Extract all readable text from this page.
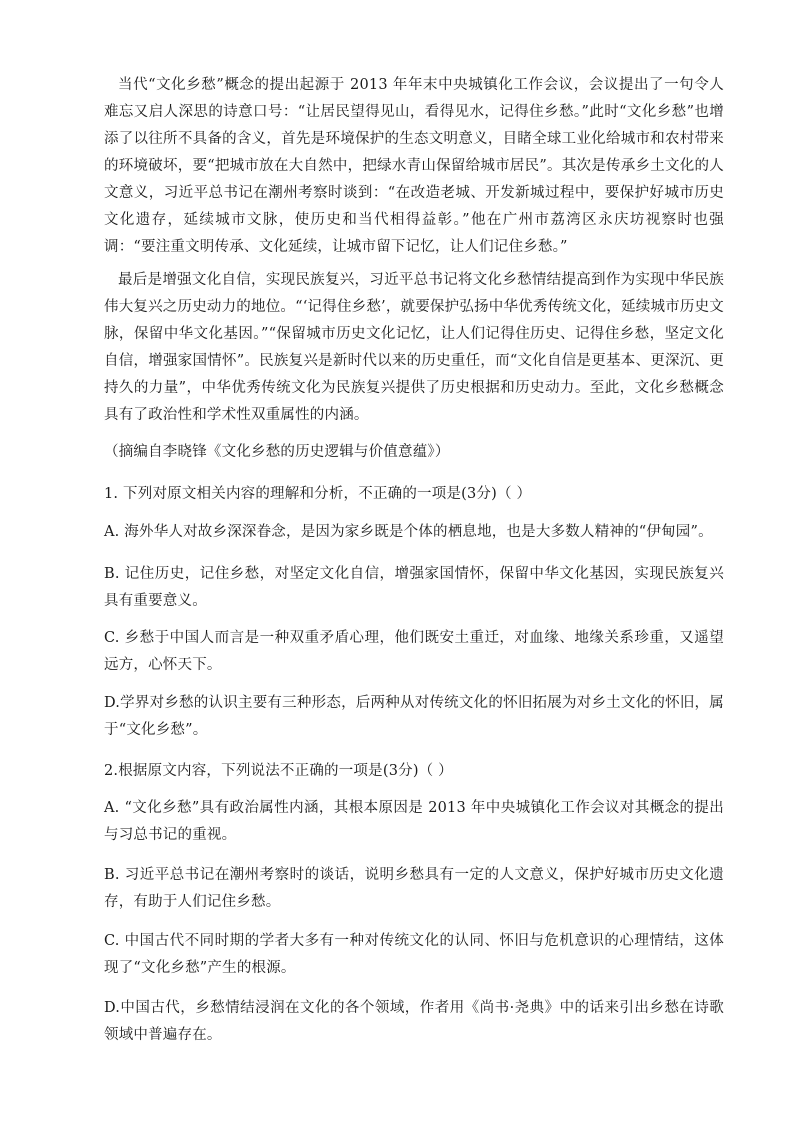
当代“文化乡愁”概念的提出起源于 2013 年年末中央城镇化工作会议，会议提出了一句令人难忘又启人深思的诗意口号：“让居民望得见山，看得见水，记得住乡愁。”此时“文化乡愁”也增添了以往所不具备的含义，首先是环境保护的生态文明意义，目睹全球工业化给城市和农村带来的环境破坏，要“把城市放在大自然中，把绿水青山保留给城市居民”。其次是传承乡土文化的人文意义，习近平总书记在潮州考察时谈到：“在改造老城、开发新城过程中，要保护好城市历史文化遗存，延续城市文脉，使历史和当代相得益彰。”他在广州市荔湾区永庆坊视察时也强调：“要注重文明传承、文化延续，让城市留下记忆，让人们记住乡愁。”

最后是增强文化自信，实现民族复兴，习近平总书记将文化乡愁情结提高到作为实现中华民族伟大复兴之历史动力的地位。“‘记得住乡愁’，就要保护弘扬中华优秀传统文化，延续城市历史文脉，保留中华文化基因。”“保留城市历史文化记忆，让人们记得住历史、记得住乡愁，坚定文化自信，增强家国情怀”。民族复兴是新时代以来的历史重任，而“文化自信是更基本、更深沉、更持久的力量”，中华优秀传统文化为民族复兴提供了历史根据和历史动力。至此，文化乡愁概念具有了政治性和学术性双重属性的内涵。

（摘编自李晓锋《文化乡愁的历史逻辑与价值意蕴》）

1. 下列对原文相关内容的理解和分析，不正确的一项是(3分)（ ）

A. 海外华人对故乡深深眷念，是因为家乡既是个体的栖息地，也是大多数人精神的“伊甸园”。

B. 记住历史，记住乡愁，对坚定文化自信，增强家国情怀，保留中华文化基因，实现民族复兴具有重要意义。

C. 乡愁于中国人而言是一种双重矛盾心理，他们既安土重迁，对血缘、地缘关系珍重，又遥望远方，心怀天下。

D.学界对乡愁的认识主要有三种形态，后两种从对传统文化的怀旧拓展为对乡土文化的怀旧，属于“文化乡愁”。

2.根据原文内容，下列说法不正确的一项是(3分)（ ）

A. “文化乡愁”具有政治属性内涵，其根本原因是 2013 年中央城镇化工作会议对其概念的提出与习总书记的重视。

B. 习近平总书记在潮州考察时的谈话，说明乡愁具有一定的人文意义，保护好城市历史文化遗存，有助于人们记住乡愁。

C. 中国古代不同时期的学者大多有一种对传统文化的认同、怀旧与危机意识的心理情结，这体现了“文化乡愁”产生的根源。

D.中国古代，乡愁情结浸润在文化的各个领域，作者用《尚书·尧典》中的话来引出乡愁在诗歌领域中普遍存在。
